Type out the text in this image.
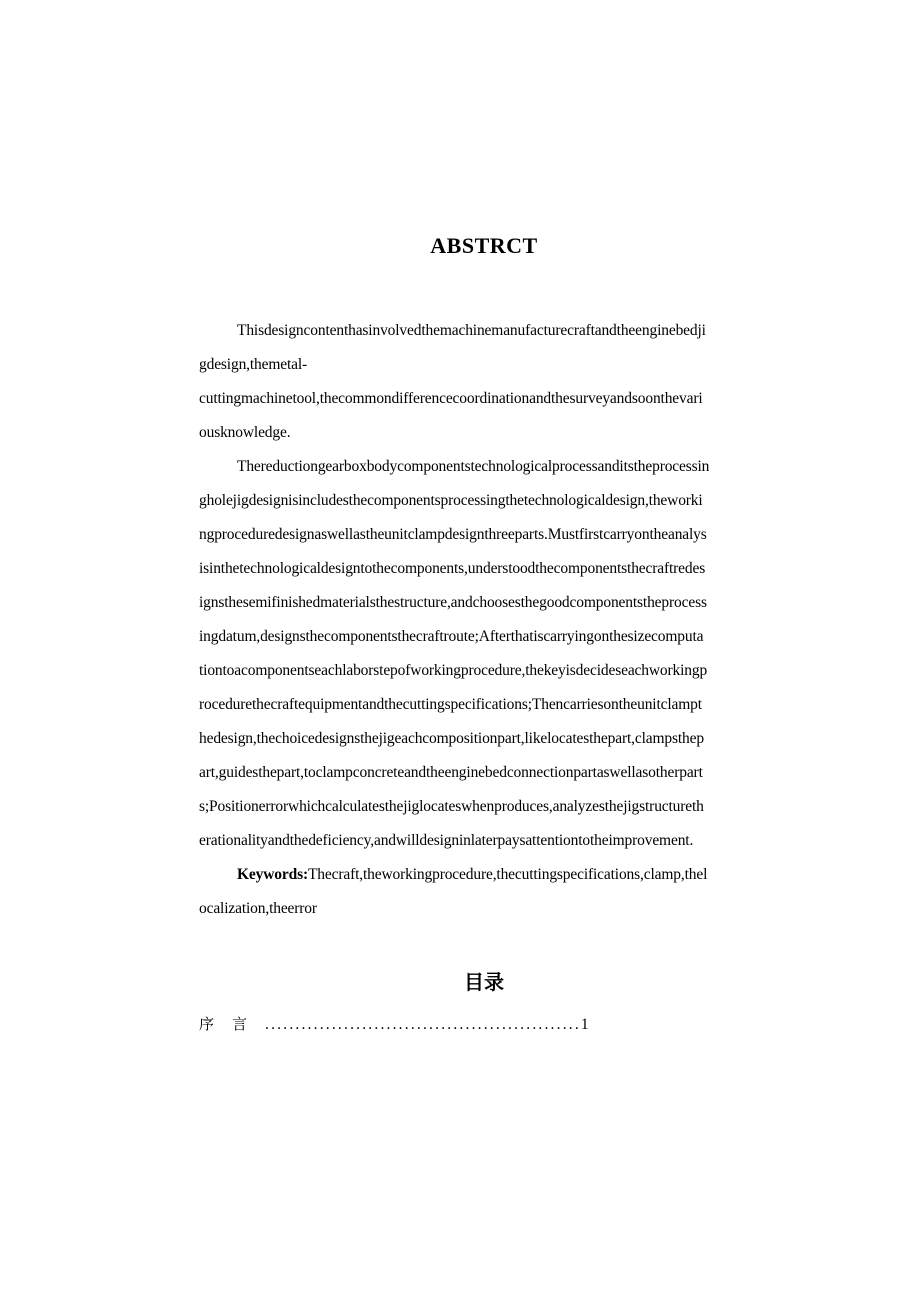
ABSTRCT
Thisdesigncontenthasinvolvedthemachinemanufacturecraftandtheenginebedji
gdesign,themetal-
cuttingmachinetool,thecommondifferencecoordinationandthesurveyandsoonthevari
ousknowledge.
Thereductiongearboxbodycomponentstechnologicalprocessanditstheprocessin
gholejigdesignisincludesthecomponentsprocessingthetechnologicaldesign,theworki
ngproceduredesignaswellastheunitclampdesignthreeparts.Mustfirstcarryontheanalys
isinthetechnologicaldesigntothecomponents,understoodthecomponentsthecraftredes
ignsthesemifinishedmaterialsthestructure,andchoosesthegoodcomponentstheprocess
ingdatum,designsthecomponentsthecraftroute;Afterthatiscarryingonthesizecomputa
tiontoacomponentseachlaborstepofworkingprocedure,thekeyisdecideseachworkingp
rocedurethecraftequipmentandthecuttingspecifications;Thencarriesontheunitclampt
hedesign,thechoicedesignsthejigeachcompositionpart,likelocatesthepart,clampsthep
art,guidesthepart,toclampconcreteandtheenginebedconnectionpartaswellasotherpart
s;Positionerrorwhichcalculatesthejiglocateswhenproduces,analyzesthejigstructureth
erationalityandthedeficiency,andwilldesigninlaterpaysattentiontotheimprovement.
Keywords:Thecraft,theworkingprocedure,thecuttingspecifications,clamp,thel
ocalization,theerror
目录
序言....................................................1
